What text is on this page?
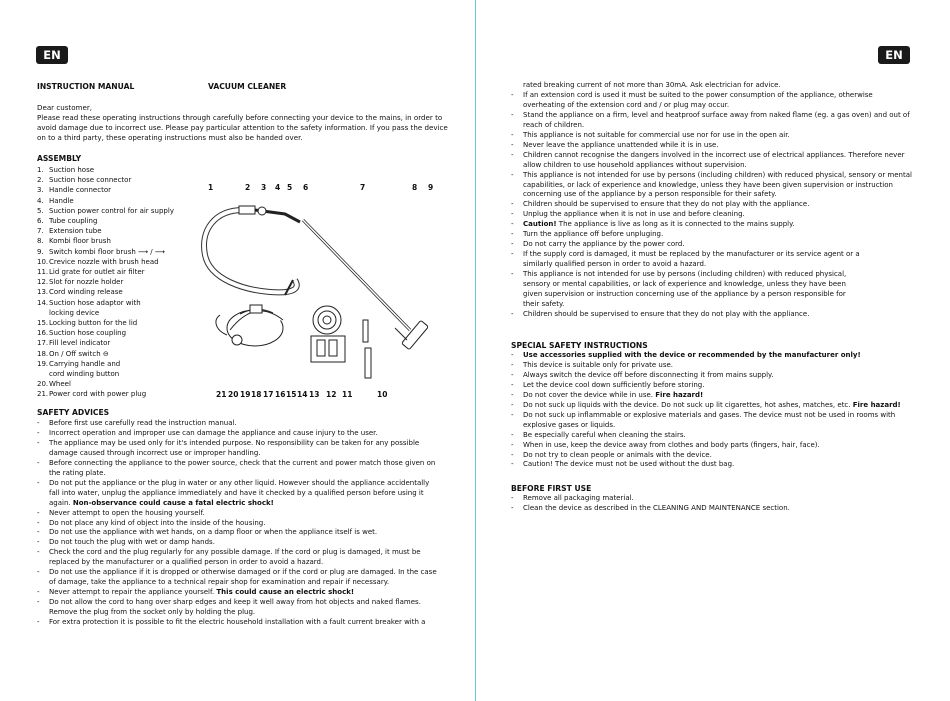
EN
INSTRUCTION MANUAL	VACUUM CLEANER
Dear customer,
Please read these operating instructions through carefully before connecting your device to the mains, in order to
avoid damage due to incorrect use. Please pay particular attention to the safety information. If you pass the device
on to a third party, these operating instructions must also be handed over.
ASSEMBLY
1. Suction hose
2. Suction hose connector
3. Handle connector
4. Handle
5. Suction power control for air supply
6. Tube coupling
7. Extension tube
8. Kombi floor brush
9. Switch kombi floor brush ⟶ / ⟶
10.Crevice nozzle with brush head
11.Lid grate for outlet air filter
12.Slot for nozzle holder
13.Cord winding release
14.Suction hose adaptor with
locking device
15.Locking button for the lid
16.Suction hose coupling
17.Fill level indicator
18.On / Off switch ⊖
19.Carrying handle and
cord winding button
20.Wheel
21.Power cord with power plug
SAFETY ADVICES
- Before first use carefully read the instruction manual.
- Incorrect operation and improper use can damage the appliance and cause injury to the user.
- The appliance may be used only for it's intended purpose. No responsibility can be taken for any possible
damage caused through incorrect use or improper handling.
- Before connecting the appliance to the power source, check that the current and power match those given on
the rating plate.
- Do not put the appliance or the plug in water or any other liquid. However should the appliance accidentally
fall into water, unplug the appliance immediately and have it checked by a qualified person before using it
again. Non-observance could cause a fatal electric shock!
- Never attempt to open the housing yourself.
- Do not place any kind of object into the inside of the housing.
- Do not use the appliance with wet hands, on a damp floor or when the appliance itself is wet.
- Do not touch the plug with wet or damp hands.
- Check the cord and the plug regularly for any possible damage. If the cord or plug is damaged, it must be
replaced by the manufacturer or a qualified person in order to avoid a hazard.
- Do not use the appliance if it is dropped or otherwise damaged or if the cord or plug are damaged. In the case
of damage, take the appliance to a technical repair shop for examination and repair if necessary.
- Never attempt to repair the appliance yourself. This could cause an electric shock!
- Do not allow the cord to hang over sharp edges and keep it well away from hot objects and naked flames.
Remove the plug from the socket only by holding the plug.
- For extra protection it is possible to fit the electric household installation with a fault current breaker with a
1	2 3 4 5 6	7	8 9
21 20 19 18 17 16 15 14 13 12 11	10
EN
rated breaking current of not more than 30mA. Ask electrician for advice.
- If an extension cord is used it must be suited to the power consumption of the appliance, otherwise
overheating of the extension cord and / or plug may occur.
- Stand the appliance on a firm, level and heatproof surface away from naked flame (eg. a gas oven) and out of
reach of children.
- This appliance is not suitable for commercial use nor for use in the open air.
- Never leave the appliance unattended while it is in use.
- Children cannot recognise the dangers involved in the incorrect use of electrical appliances. Therefore never
allow children to use household appliances without supervision.
- This appliance is not intended for use by persons (including children) with reduced physical, sensory or mental
capabilities, or lack of experience and knowledge, unless they have been given supervision or instruction
concerning use of the appliance by a person responsible for their safety.
- Children should be supervised to ensure that they do not play with the appliance.
- Unplug the appliance when it is not in use and before cleaning.
- Caution! The appliance is live as long as it is connected to the mains supply.
- Turn the appliance off before unpluging.
- Do not carry the appliance by the power cord.
- If the supply cord is damaged, it must be replaced by the manufacturer or its service agent or a
similarly qualified person in order to avoid a hazard.
- This appliance is not intended for use by persons (including children) with reduced physical,
sensory or mental capabilities, or lack of experience and knowledge, unless they have been
given supervision or instruction concerning use of the appliance by a person responsible for
their safety.
- Children should be supervised to ensure that they do not play with the appliance.
SPECIAL SAFETY INSTRUCTIONS
- Use accessories supplied with the device or recommended by the manufacturer only!
- This device is suitable only for private use.
- Always switch the device off before disconnecting it from mains supply.
- Let the device cool down sufficiently before storing.
- Do not cover the device while in use. Fire hazard!
- Do not suck up liquids with the device. Do not suck up lit cigarettes, hot ashes, matches, etc. Fire hazard!
- Do not suck up inflammable or explosive materials and gases. The device must not be used in rooms with
explosive gases or liquids.
- Be especially careful when cleaning the stairs.
- When in use, keep the device away from clothes and body parts (fingers, hair, face).
- Do not try to clean people or animals with the device.
- Caution! The device must not be used without the dust bag.
BEFORE FIRST USE
- Remove all packaging material.
- Clean the device as described in the CLEANING AND MAINTENANCE section.
